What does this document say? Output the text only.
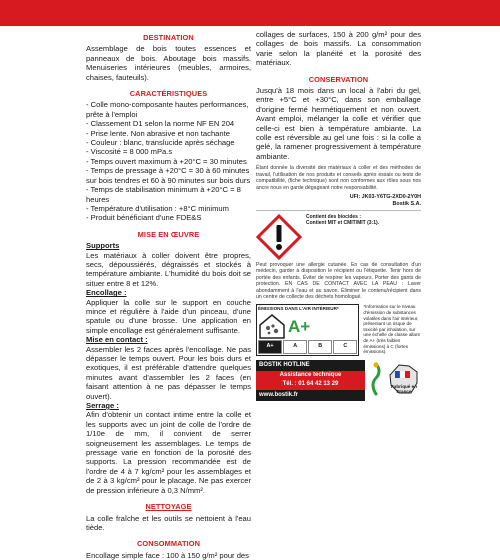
DESTINATION
Assemblage de bois toutes essences et panneaux de bois. Aboutage bois massifs. Menuiseries intérieures (meubles, armoires, chaises, fauteuils).
CARACTÉRISTIQUES
- Colle mono-composante hautes performances, prête à l'emploi
- Classement D1 selon la norme NF EN 204
- Prise lente. Non abrasive et non tachante
- Couleur : blanc, translucide après séchage
- Viscosité = 8 000 mPa.s
- Temps ouvert maximum à +20°C = 30 minutes
- Temps de pressage à +20°C = 30 à 60 minutes sur bois tendres et 60 à 90 minutes sur bois durs
- Temps de stabilisation minimum à +20°C = 8 heures
- Température d'utilisation : +8°C minimum
- Produit bénéficiant d'une FDE&S
MISE EN ŒUVRE
Supports
Les matériaux à coller doivent être propres, secs, dépoussiérés, dégraissés et stockés à température ambiante. L'humidité du bois doit se situer entre 8 et 12%.
Encollage :
Appliquer la colle sur le support en couche mince et régulière à l'aide d'un pinceau, d'une spatule ou d'une brosse. Une application en simple encollage est généralement suffisante.
Mise en contact :
Assembler les 2 faces après l'encollage. Ne pas dépasser le temps ouvert. Pour les bois durs et exotiques, il est préférable d'attendre quelques minutes avant d'assembler les 2 faces (en faisant attention à ne pas dépasser le temps ouvert).
Serrage :
Afin d'obtenir un contact intime entre la colle et les supports avec un joint de colle de l'ordre de 1/10e de mm, il convient de serrer soigneusement les assemblages. Le temps de pressage varie en fonction de la porosité des supports. La pression recommandée est de l'ordre de 4 à 7 kg/cm² pour les assemblages et de 2 à 3 kg/cm² pour le placage. Ne pas exercer de pression inférieure à 0,3 N/mm².
NETTOYAGE
La colle fraîche et les outils se nettoient à l'eau tiède.
CONSOMMATION
Encollage simple face : 100 à 150 g/m² pour des
collages de surfaces, 150 à 200 g/m² pour des collages de bois massifs. La consommation varie selon la planéité et la porosité des matériaux.
CONSERVATION
Jusqu'à 18 mois dans un local à l'abri du gel, entre +5°C et +30°C, dans son emballage d'origine fermé hermétiquement et non ouvert. Avant emploi, mélanger la colle et vérifier que celle-ci est bien à température ambiante. La colle est réversible au gel une fois : si la colle a gelé, la ramener progressivement à température ambiante.
Étant donnée la diversité des matériaux à coller et des méthodes de travail, l'utilisation de nos produits et conseils après essais ou tests de compatibilité, (fiche technique) sont non conformes aux rôles sous nos ancre nous en garde dégageant notre responsabilité.
UFI: JK03-Y6TG-2XD0-2Y0H
Bostik S.A.
Contient des biocides :
Contient MIT et CMIT/MIT (3:1).
Peut provoquer une allergie cutanée. En cas de consultation d'un médecin, garder à disposition le récipient ou l'étiquette. Tenir hors de portée des enfants. Éviter de respirer les vapeurs. Porter des gants de protection. EN CAS DE CONTACT AVEC LA PEAU : Laver abondamment à l'eau et au savon. Éliminer le contenu/récipient dans un centre de collecte des déchets homologué.
ÉMISSIONS DANS L'AIR INTÉRIEUR*
A+
A+	A	B	C
*Information sur le niveau d'émission de substances volatiles dans l'air intérieur, présentant un risque de toxicité par inhalation, sur une échelle de classe allant de A+ (très faibles émissions) à C (fortes émissions).
BOSTIK HOTLINE
Assistance technique
Tél. : 01 64 42 13 29
www.bostik.fr
Fabriqué en France
